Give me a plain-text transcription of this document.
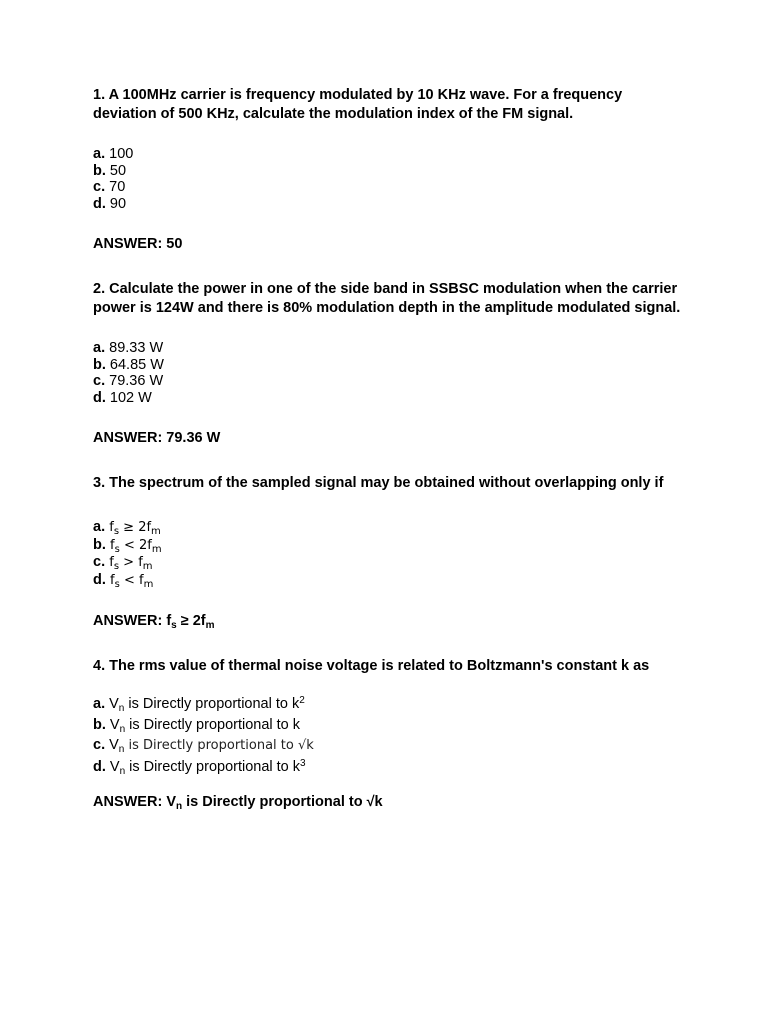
1. A 100MHz carrier is frequency modulated by 10 KHz wave. For a frequency deviation of 500 KHz, calculate the modulation index of the FM signal.

a. 100
b. 50
c. 70
d. 90
ANSWER: 50

2. Calculate the power in one of the side band in SSBSC modulation when the carrier power is 124W and there is 80% modulation depth in the amplitude modulated signal.

a. 89.33 W
b. 64.85 W
c. 79.36 W
d. 102 W
ANSWER: 79.36 W

3. The spectrum of the sampled signal may be obtained without overlapping only if

a. $f_s \ge 2f_m$
b. $f_s < 2f_m$
c. $f_s > f_m$
d. $f_s < f_m$
ANSWER: $f_s \ge 2f_m$

4. The rms value of thermal noise voltage is related to Boltzmann's constant k as

a. $V_n$ is Directly proportional to $k^2$
b. $V_n$ is Directly proportional to k
c. $V_n$ is Directly proportional to √k
d. $V_n$ is Directly proportional to $k^3$
ANSWER: $V_n$ is Directly proportional to √k
